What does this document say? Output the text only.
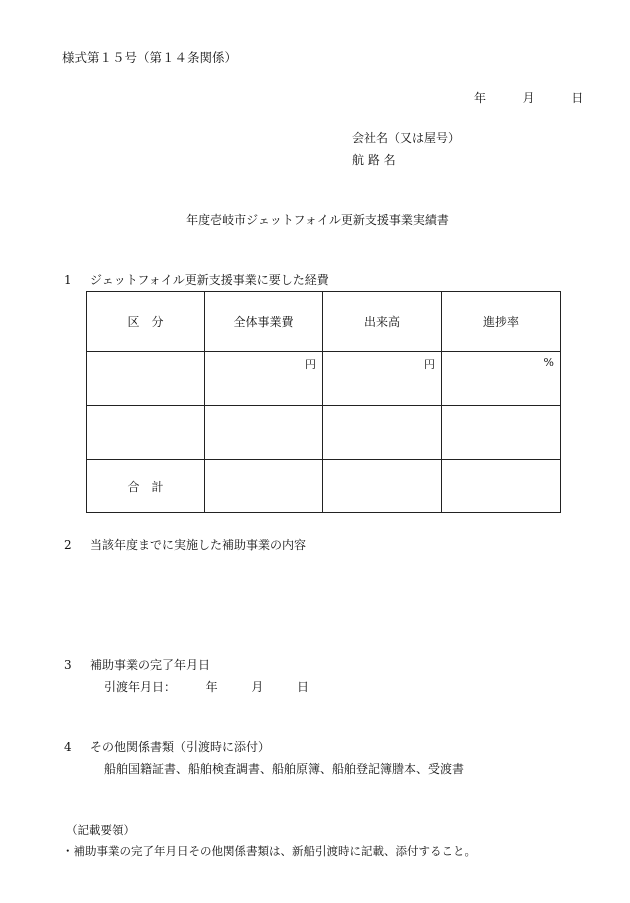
様式第１５号（第１４条関係）
年	月	日
会社名（又は屋号）
航 路 名
年度壱岐市ジェットフォイル更新支援事業実績書
1 ジェットフォイル更新支援事業に要した経費
区　分	全体事業費	出来高	進捗率
	円	円	%

合　計			
2 当該年度までに実施した補助事業の内容
3 補助事業の完了年月日
引渡年月日： 年	月	日
4 その他関係書類（引渡時に添付）
船舶国籍証書、船舶検査調書、船舶原簿、船舶登記簿謄本、受渡書
（記載要領）
・補助事業の完了年月日その他関係書類は、新船引渡時に記載、添付すること。
